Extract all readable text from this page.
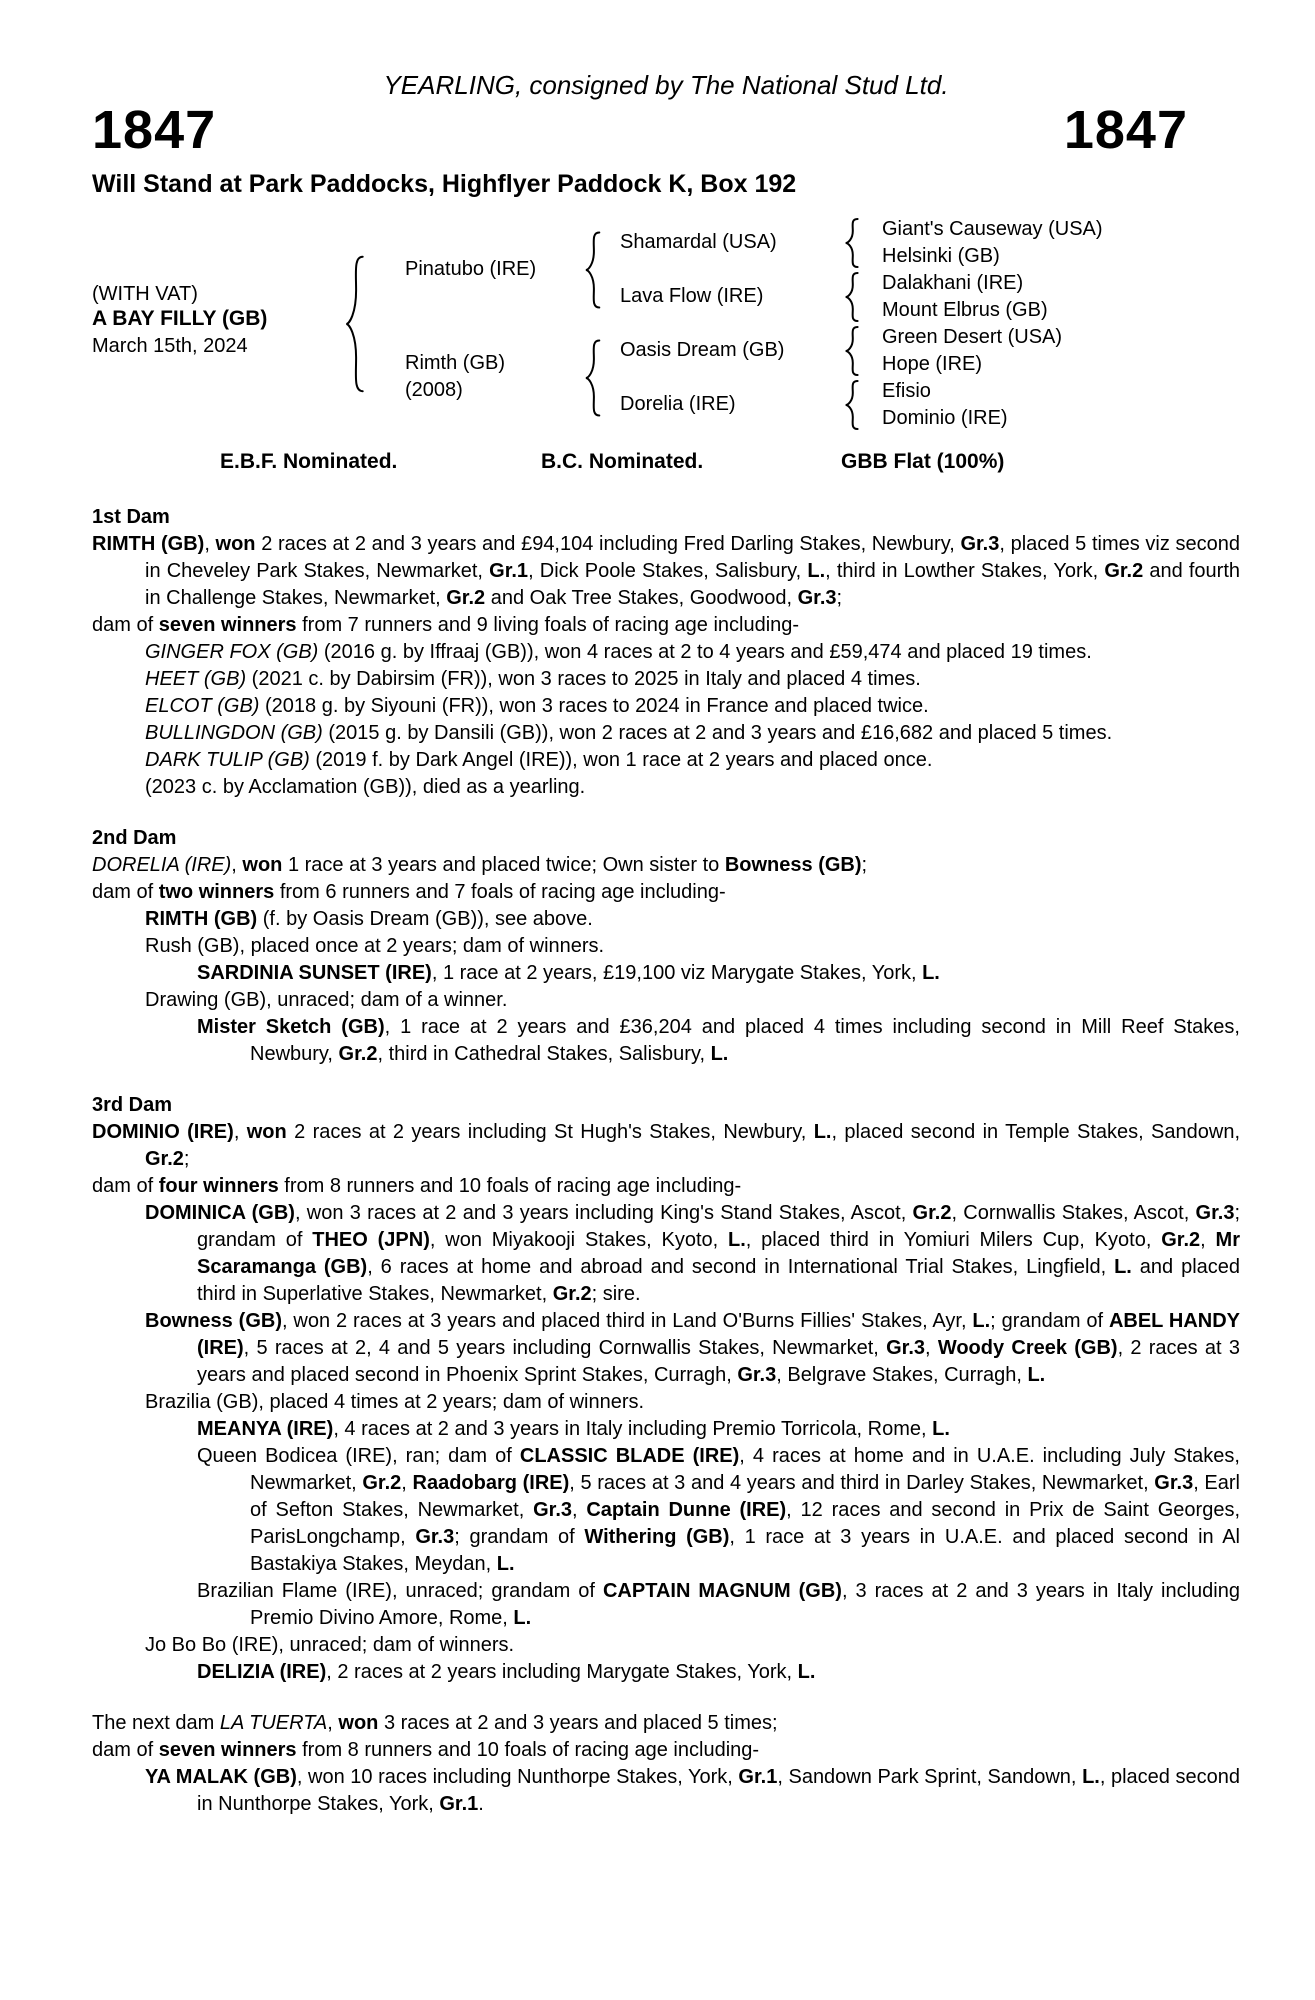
YEARLING, consigned by The National Stud Ltd.
1847	1847
Will Stand at Park Paddocks, Highflyer Paddock K, Box 192
(WITH VAT)
A BAY FILLY (GB)
March 15th, 2024
Pinatubo (IRE)
Rimth (GB)
(2008)
Shamardal (USA)
Lava Flow (IRE)
Oasis Dream (GB)
Dorelia (IRE)
Giant's Causeway (USA)
Helsinki (GB)
Dalakhani (IRE)
Mount Elbrus (GB)
Green Desert (USA)
Hope (IRE)
Efisio
Dominio (IRE)
E.B.F. Nominated.	B.C. Nominated.	GBB Flat (100%)
1st Dam
RIMTH (GB), won 2 races at 2 and 3 years and £94,104 including Fred Darling Stakes, Newbury, Gr.3, placed 5 times viz second in Cheveley Park Stakes, Newmarket, Gr.1, Dick Poole Stakes, Salisbury, L., third in Lowther Stakes, York, Gr.2 and fourth in Challenge Stakes, Newmarket, Gr.2 and Oak Tree Stakes, Goodwood, Gr.3;
dam of seven winners from 7 runners and 9 living foals of racing age including-
GINGER FOX (GB) (2016 g. by Iffraaj (GB)), won 4 races at 2 to 4 years and £59,474 and placed 19 times.
HEET (GB) (2021 c. by Dabirsim (FR)), won 3 races to 2025 in Italy and placed 4 times.
ELCOT (GB) (2018 g. by Siyouni (FR)), won 3 races to 2024 in France and placed twice.
BULLINGDON (GB) (2015 g. by Dansili (GB)), won 2 races at 2 and 3 years and £16,682 and placed 5 times.
DARK TULIP (GB) (2019 f. by Dark Angel (IRE)), won 1 race at 2 years and placed once.
(2023 c. by Acclamation (GB)), died as a yearling.
2nd Dam
DORELIA (IRE), won 1 race at 3 years and placed twice; Own sister to Bowness (GB);
dam of two winners from 6 runners and 7 foals of racing age including-
RIMTH (GB) (f. by Oasis Dream (GB)), see above.
Rush (GB), placed once at 2 years; dam of winners.
SARDINIA SUNSET (IRE), 1 race at 2 years, £19,100 viz Marygate Stakes, York, L.
Drawing (GB), unraced; dam of a winner.
Mister Sketch (GB), 1 race at 2 years and £36,204 and placed 4 times including second in Mill Reef Stakes, Newbury, Gr.2, third in Cathedral Stakes, Salisbury, L.
3rd Dam
DOMINIO (IRE), won 2 races at 2 years including St Hugh's Stakes, Newbury, L., placed second in Temple Stakes, Sandown, Gr.2;
dam of four winners from 8 runners and 10 foals of racing age including-
DOMINICA (GB), won 3 races at 2 and 3 years including King's Stand Stakes, Ascot, Gr.2, Cornwallis Stakes, Ascot, Gr.3; grandam of THEO (JPN), won Miyakooji Stakes, Kyoto, L., placed third in Yomiuri Milers Cup, Kyoto, Gr.2, Mr Scaramanga (GB), 6 races at home and abroad and second in International Trial Stakes, Lingfield, L. and placed third in Superlative Stakes, Newmarket, Gr.2; sire.
Bowness (GB), won 2 races at 3 years and placed third in Land O'Burns Fillies' Stakes, Ayr, L.; grandam of ABEL HANDY (IRE), 5 races at 2, 4 and 5 years including Cornwallis Stakes, Newmarket, Gr.3, Woody Creek (GB), 2 races at 3 years and placed second in Phoenix Sprint Stakes, Curragh, Gr.3, Belgrave Stakes, Curragh, L.
Brazilia (GB), placed 4 times at 2 years; dam of winners.
MEANYA (IRE), 4 races at 2 and 3 years in Italy including Premio Torricola, Rome, L.
Queen Bodicea (IRE), ran; dam of CLASSIC BLADE (IRE), 4 races at home and in U.A.E. including July Stakes, Newmarket, Gr.2, Raadobarg (IRE), 5 races at 3 and 4 years and third in Darley Stakes, Newmarket, Gr.3, Earl of Sefton Stakes, Newmarket, Gr.3, Captain Dunne (IRE), 12 races and second in Prix de Saint Georges, ParisLongchamp, Gr.3; grandam of Withering (GB), 1 race at 3 years in U.A.E. and placed second in Al Bastakiya Stakes, Meydan, L.
Brazilian Flame (IRE), unraced; grandam of CAPTAIN MAGNUM (GB), 3 races at 2 and 3 years in Italy including Premio Divino Amore, Rome, L.
Jo Bo Bo (IRE), unraced; dam of winners.
DELIZIA (IRE), 2 races at 2 years including Marygate Stakes, York, L.
The next dam LA TUERTA, won 3 races at 2 and 3 years and placed 5 times;
dam of seven winners from 8 runners and 10 foals of racing age including-
YA MALAK (GB), won 10 races including Nunthorpe Stakes, York, Gr.1, Sandown Park Sprint, Sandown, L., placed second in Nunthorpe Stakes, York, Gr.1.
